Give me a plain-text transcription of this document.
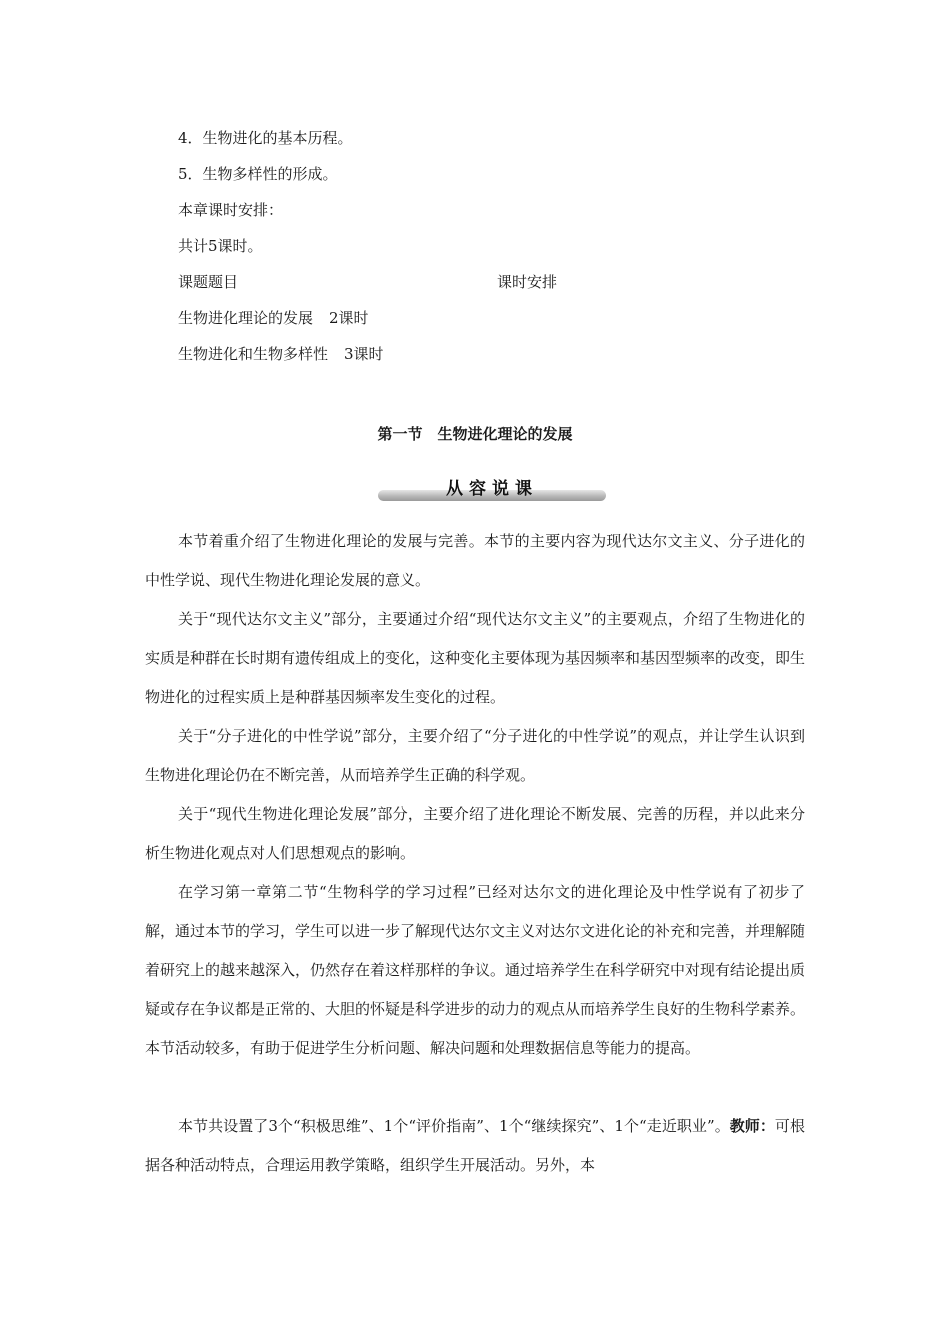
4．生物进化的基本历程。
5．生物多样性的形成。
本章课时安排：
共计5课时。
课题题目	课时安排
生物进化理论的发展 2课时
生物进化和生物多样性 3课时
第一节　生物进化理论的发展
从容说课
本节着重介绍了生物进化理论的发展与完善。本节的主要内容为现代达尔文主义、分子进化的中性学说、现代生物进化理论发展的意义。
关于“现代达尔文主义”部分，主要通过介绍“现代达尔文主义”的主要观点，介绍了生物进化的实质是种群在长时期有遗传组成上的变化，这种变化主要体现为基因频率和基因型频率的改变，即生物进化的过程实质上是种群基因频率发生变化的过程。
关于“分子进化的中性学说”部分，主要介绍了“分子进化的中性学说”的观点，并让学生认识到生物进化理论仍在不断完善，从而培养学生正确的科学观。
关于“现代生物进化理论发展”部分，主要介绍了进化理论不断发展、完善的历程，并以此来分析生物进化观点对人们思想观点的影响。
在学习第一章第二节“生物科学的学习过程”已经对达尔文的进化理论及中性学说有了初步了解，通过本节的学习，学生可以进一步了解现代达尔文主义对达尔文进化论的补充和完善，并理解随着研究上的越来越深入，仍然存在着这样那样的争议。通过培养学生在科学研究中对现有结论提出质疑或存在争议都是正常的、大胆的怀疑是科学进步的动力的观点从而培养学生良好的生物科学素养。本节活动较多，有助于促进学生分析问题、解决问题和处理数据信息等能力的提高。
本节共设置了3个“积极思维”、1个“评价指南”、1个“继续探究”、1个“走近职业”。教师：可根据各种活动特点，合理运用教学策略，组织学生开展活动。另外，本
